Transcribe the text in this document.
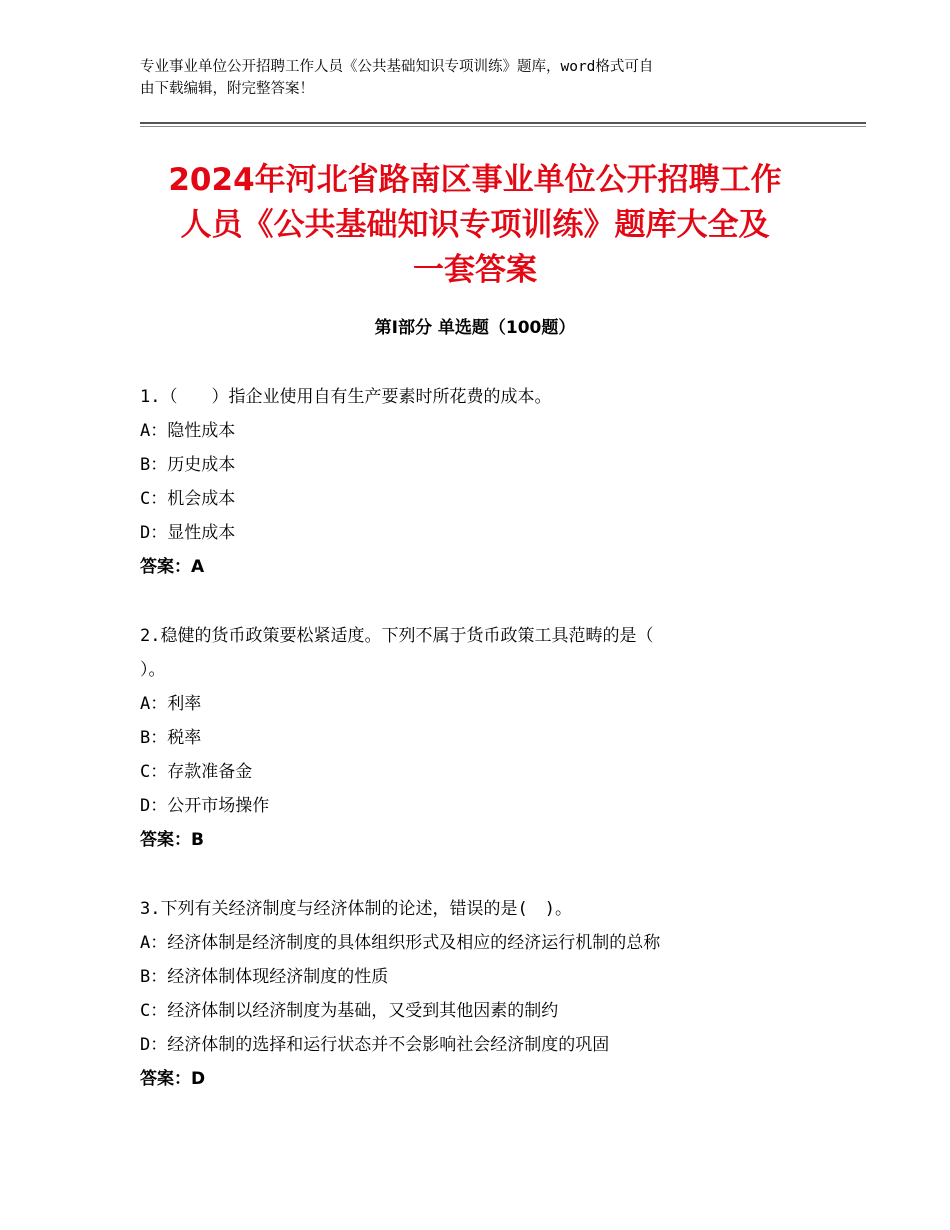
专业事业单位公开招聘工作人员《公共基础知识专项训练》题库，word格式可自
由下载编辑，附完整答案！
2024年河北省路南区事业单位公开招聘工作
人员《公共基础知识专项训练》题库大全及
一套答案
第Ⅰ部分 单选题（100题）
1.（　　）指企业使用自有生产要素时所花费的成本。
A：隐性成本
B：历史成本
C：机会成本
D：显性成本
答案：A
2.稳健的货币政策要松紧适度。下列不属于货币政策工具范畴的是（
）。
A：利率
B：税率
C：存款准备金
D：公开市场操作
答案：B
3.下列有关经济制度与经济体制的论述，错误的是(　)。
A：经济体制是经济制度的具体组织形式及相应的经济运行机制的总称
B：经济体制体现经济制度的性质
C：经济体制以经济制度为基础，又受到其他因素的制约
D：经济体制的选择和运行状态并不会影响社会经济制度的巩固
答案：D
